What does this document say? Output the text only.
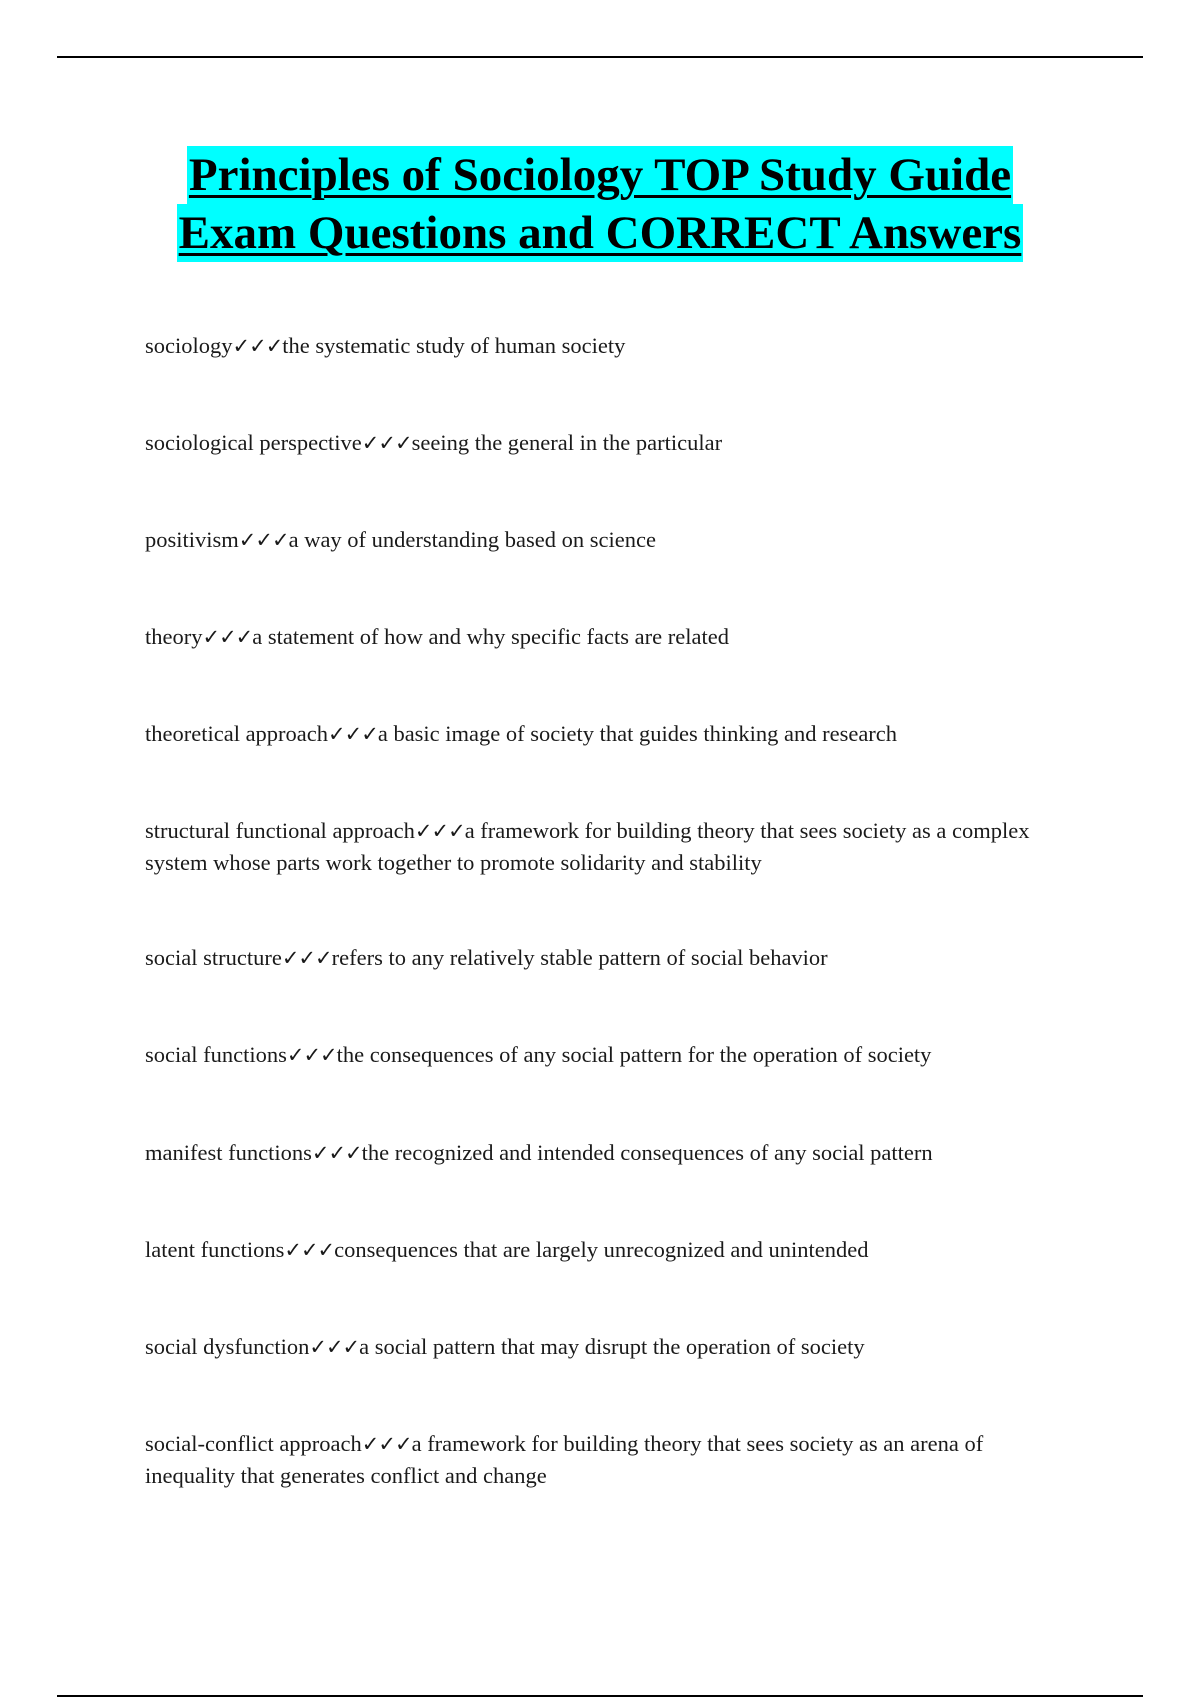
Principles of Sociology TOP Study Guide
Exam Questions and CORRECT Answers
sociology✓✓✓the systematic study of human society
sociological perspective✓✓✓seeing the general in the particular
positivism✓✓✓a way of understanding based on science
theory✓✓✓a statement of how and why specific facts are related
theoretical approach✓✓✓a basic image of society that guides thinking and research
structural functional approach✓✓✓a framework for building theory that sees society as a complex system whose parts work together to promote solidarity and stability
social structure✓✓✓refers to any relatively stable pattern of social behavior
social functions✓✓✓the consequences of any social pattern for the operation of society
manifest functions✓✓✓the recognized and intended consequences of any social pattern
latent functions✓✓✓consequences that are largely unrecognized and unintended
social dysfunction✓✓✓a social pattern that may disrupt the operation of society
social-conflict approach✓✓✓a framework for building theory that sees society as an arena of inequality that generates conflict and change
